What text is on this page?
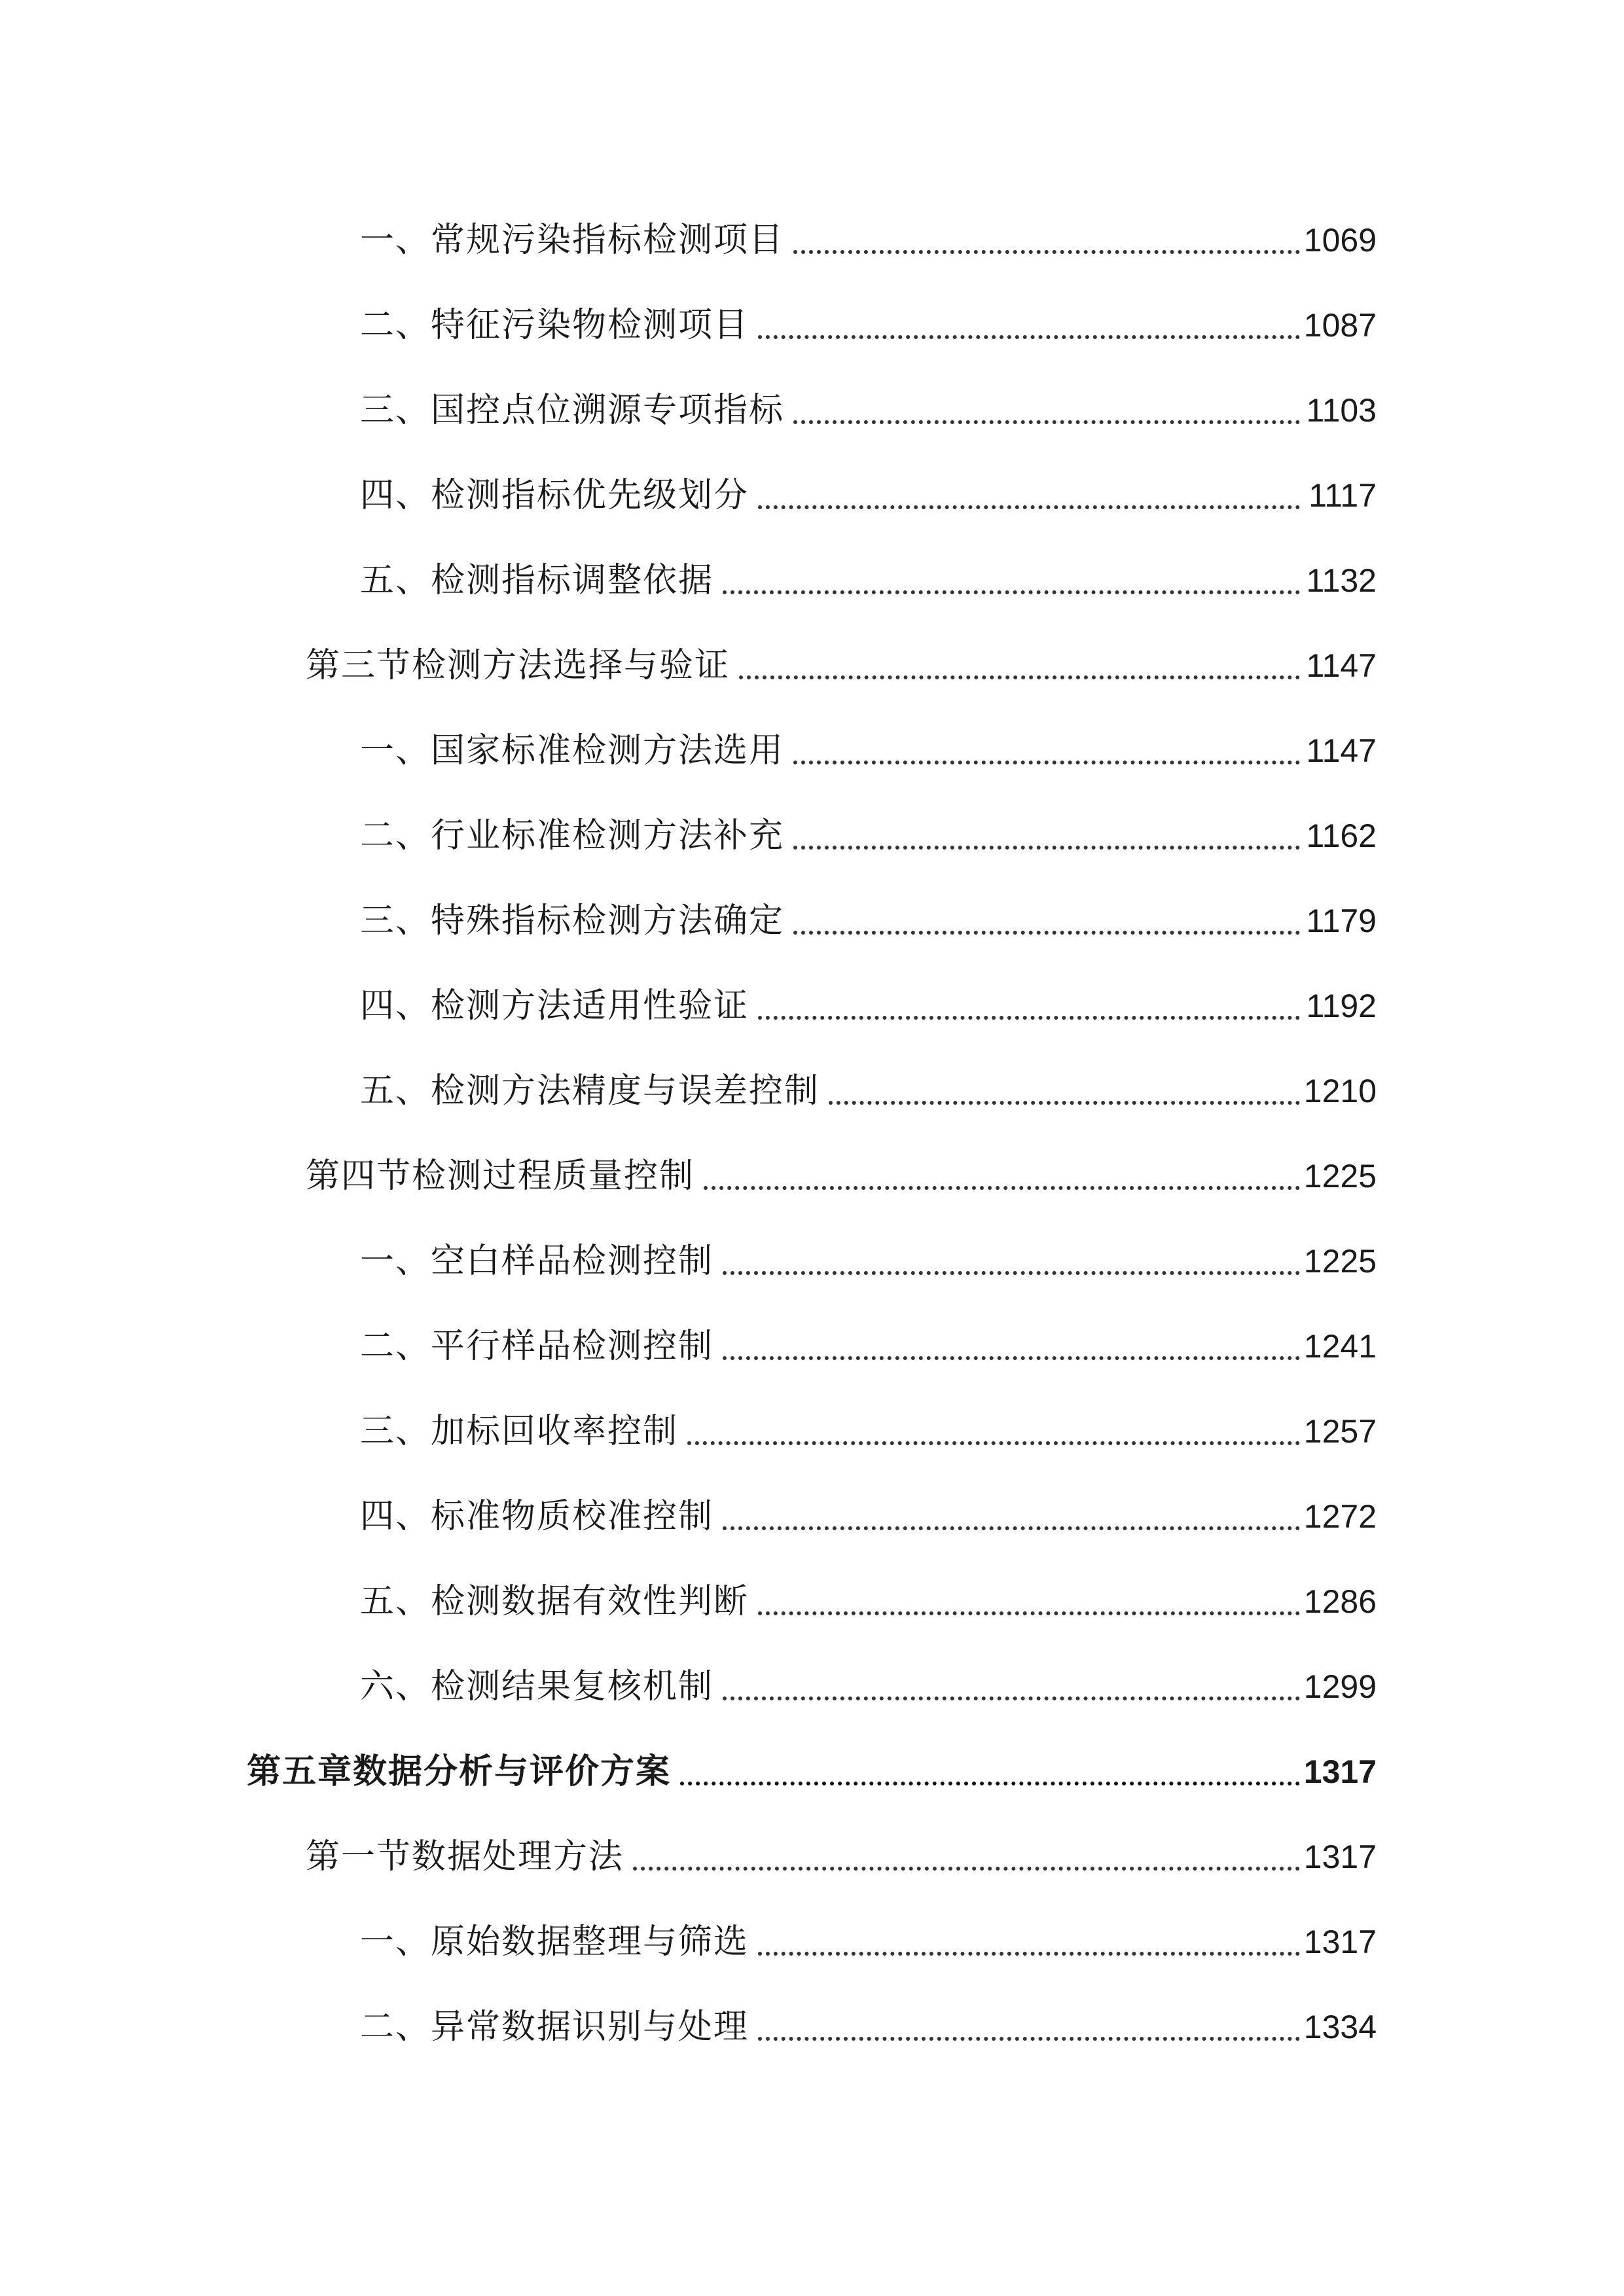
一、常规污染指标检测项目	1069
二、特征污染物检测项目	1087
三、国控点位溯源专项指标	1103
四、检测指标优先级划分	1117
五、检测指标调整依据	1132
第三节检测方法选择与验证	1147
一、国家标准检测方法选用	1147
二、行业标准检测方法补充	1162
三、特殊指标检测方法确定	1179
四、检测方法适用性验证	1192
五、检测方法精度与误差控制	1210
第四节检测过程质量控制	1225
一、空白样品检测控制	1225
二、平行样品检测控制	1241
三、加标回收率控制	1257
四、标准物质校准控制	1272
五、检测数据有效性判断	1286
六、检测结果复核机制	1299
第五章数据分析与评价方案	1317
第一节数据处理方法	1317
一、原始数据整理与筛选	1317
二、异常数据识别与处理	1334
